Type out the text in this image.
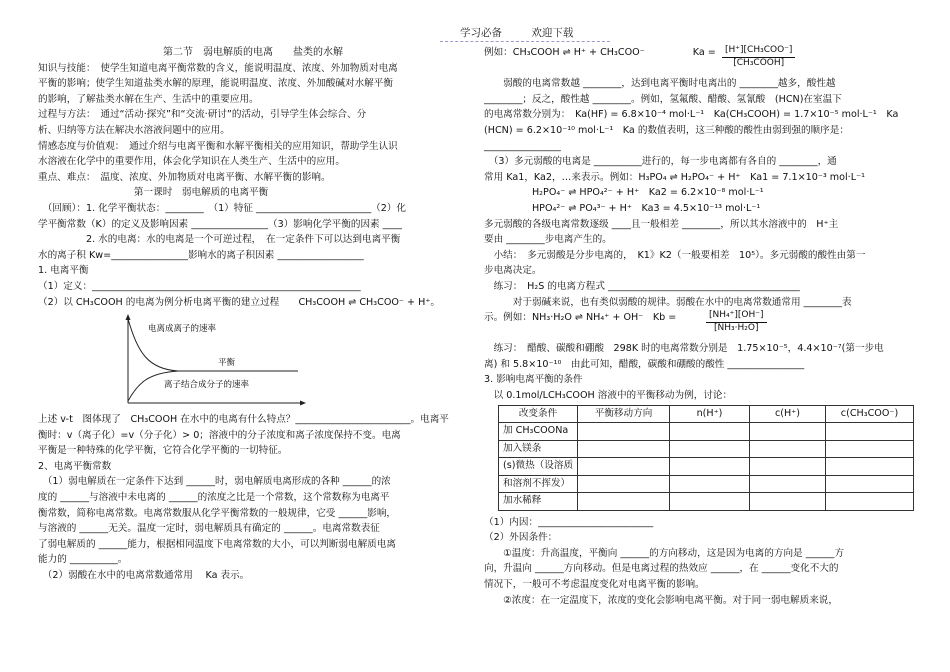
学习必备	欢迎下载
第二节　弱电解质的电离　　盐类的水解
知识与技能：　使学生知道电离平衡常数的含义，能说明温度、浓度、外加物质对电离
平衡的影响；使学生知道盐类水解的原理，能说明温度、浓度、外加酸碱对水解平衡
的影响，了解盐类水解在生产、生活中的重要应用。
过程与方法：　通过“活动·探究”和“交流·研讨”的活动，引导学生体会综合、分
析、归纳等方法在解决水溶液问题中的应用。
情感态度与价值观：　通过介绍与电离平衡和水解平衡相关的应用知识，帮助学生认识
水溶液在化学中的重要作用，体会化学知识在人类生产、生活中的应用。
重点、难点：　温度、浓度、外加物质对电离平衡、水解平衡的影响。
　　　　　　　　　　第一课时　弱电解质的电离平衡
　（回顾）：1. 化学平衡状态：________　（1）特征 ________________________（2）化
学平衡常数（K）的定义及影响因素 ________________（3）影响化学平衡的因素 ____
　　　　　2. 水的电离：水的电离是一个可逆过程，　在一定条件下可以达到电离平衡
水的离子积 Kw=________________影响水的离子积因素 __________________
1. 电离平衡
（1）定义：________________________________________________________
（2）以 CH₃COOH 的电离为例分析电离平衡的建立过程　　CH₃COOH ⇌ CH₃COO⁻ + H⁺。
电离成离子的速率
平衡
离子结合成分子的速率
上述 v-t　图体现了　CH₃COOH 在水中的电离有什么特点？________________________。电离平
衡时：v（离子化）=v（分子化）> 0；溶液中的分子浓度和离子浓度保持不变。电离
平衡是一种特殊的化学平衡，它符合化学平衡的一切特征。
2、电离平衡常数
　（1）弱电解质在一定条件下达到 ______时，弱电解质电离形成的各种 ______的浓
度的 ______与溶液中未电离的 ______的浓度之比是一个常数，这个常数称为电离平
衡常数，简称电离常数。电离常数服从化学平衡常数的一般规律，它受 ______影响，
与溶液的 ______无关。温度一定时，弱电解质具有确定的 ______。电离常数表征
了弱电解质的 ______能力，根据相同温度下电离常数的大小，可以判断弱电解质电离
能力的 __________。
　（2）弱酸在水中的电离常数通常用　 Ka 表示。
例如：CH₃COOH ⇌ H⁺ + CH₃COO⁻　　　　　Ka =	[H⁺][CH₃COO⁻]
[CH₃COOH]
　　弱酸的电离常数越 ________，达到电离平衡时电离出的 ________越多，酸性越
________；反之，酸性越 ________。例如，氢氟酸、醋酸、氢氰酸　(HCN)在室温下
的电离常数分别为：　Ka(HF) = 6.8×10⁻⁴ mol·L⁻¹　Ka(CH₃COOH) = 1.7×10⁻⁵ mol·L⁻¹　Ka
(HCN) = 6.2×10⁻¹⁰ mol·L⁻¹　Ka 的数值表明，这三种酸的酸性由弱到强的顺序是：
________________
　（3）多元弱酸的电离是 __________进行的，每一步电离都有各自的 ________，通
常用 Ka1，Ka2，…来表示。例如：H₃PO₄ ⇌ H₂PO₄⁻ + H⁺　Ka1 = 7.1×10⁻³ mol·L⁻¹
　　　　　H₂PO₄⁻ ⇌ HPO₄²⁻ + H⁺　Ka2 = 6.2×10⁻⁸ mol·L⁻¹
　　　　　HPO₄²⁻ ⇌ PO₄³⁻ + H⁺　Ka3 = 4.5×10⁻¹³ mol·L⁻¹
多元弱酸的各级电离常数逐级 ____且一般相差 ________，所以其水溶液中的　H⁺主
要由 ________步电离产生的。
　小结：　多元弱酸是分步电离的，　K1》K2（一般要相差　10⁵）。多元弱酸的酸性由第一
步电离决定。
　练习：　H₂S 的电离方程式 ________________________________________
　　　对于弱碱来说，也有类似弱酸的规律。弱酸在水中的电离常数通常用 ________表
示。例如：NH₃·H₂O ⇌ NH₄⁺ + OH⁻　Kb =	$\frac{\text{[NH₄⁺][OH⁻]}}{\text{[NH₃·H₂O]}}$
　练习：　醋酸、碳酸和硼酸　298K 时的电离常数分别是　1.75×10⁻⁵，4.4×10⁻⁷(第一步电
离) 和 5.8×10⁻¹⁰　由此可知，醋酸，碳酸和硼酸的酸性 ________________
3. 影响电离平衡的条件
　以 0.1mol/LCH₃COOH 溶液中的平衡移动为例，讨论：
改变条件	平衡移动方向	n(H⁺)	c(H⁺)	c(CH₃COO⁻)
加 CH₃COONa				
加入镁条				
(s)微热（设溶质				
和溶剂不挥发）				
加水稀释				
（1）内因：________________________
（2）外因条件：
　　①温度：升高温度，平衡向 ______的方向移动，这是因为电离的方向是 ______方
向，升温向 ______方向移动。但是电离过程的热效应 ______，在 ______变化不大的
情况下，一般可不考虑温度变化对电离平衡的影响。
　　②浓度：在一定温度下，浓度的变化会影响电离平衡。对于同一弱电解质来说，
